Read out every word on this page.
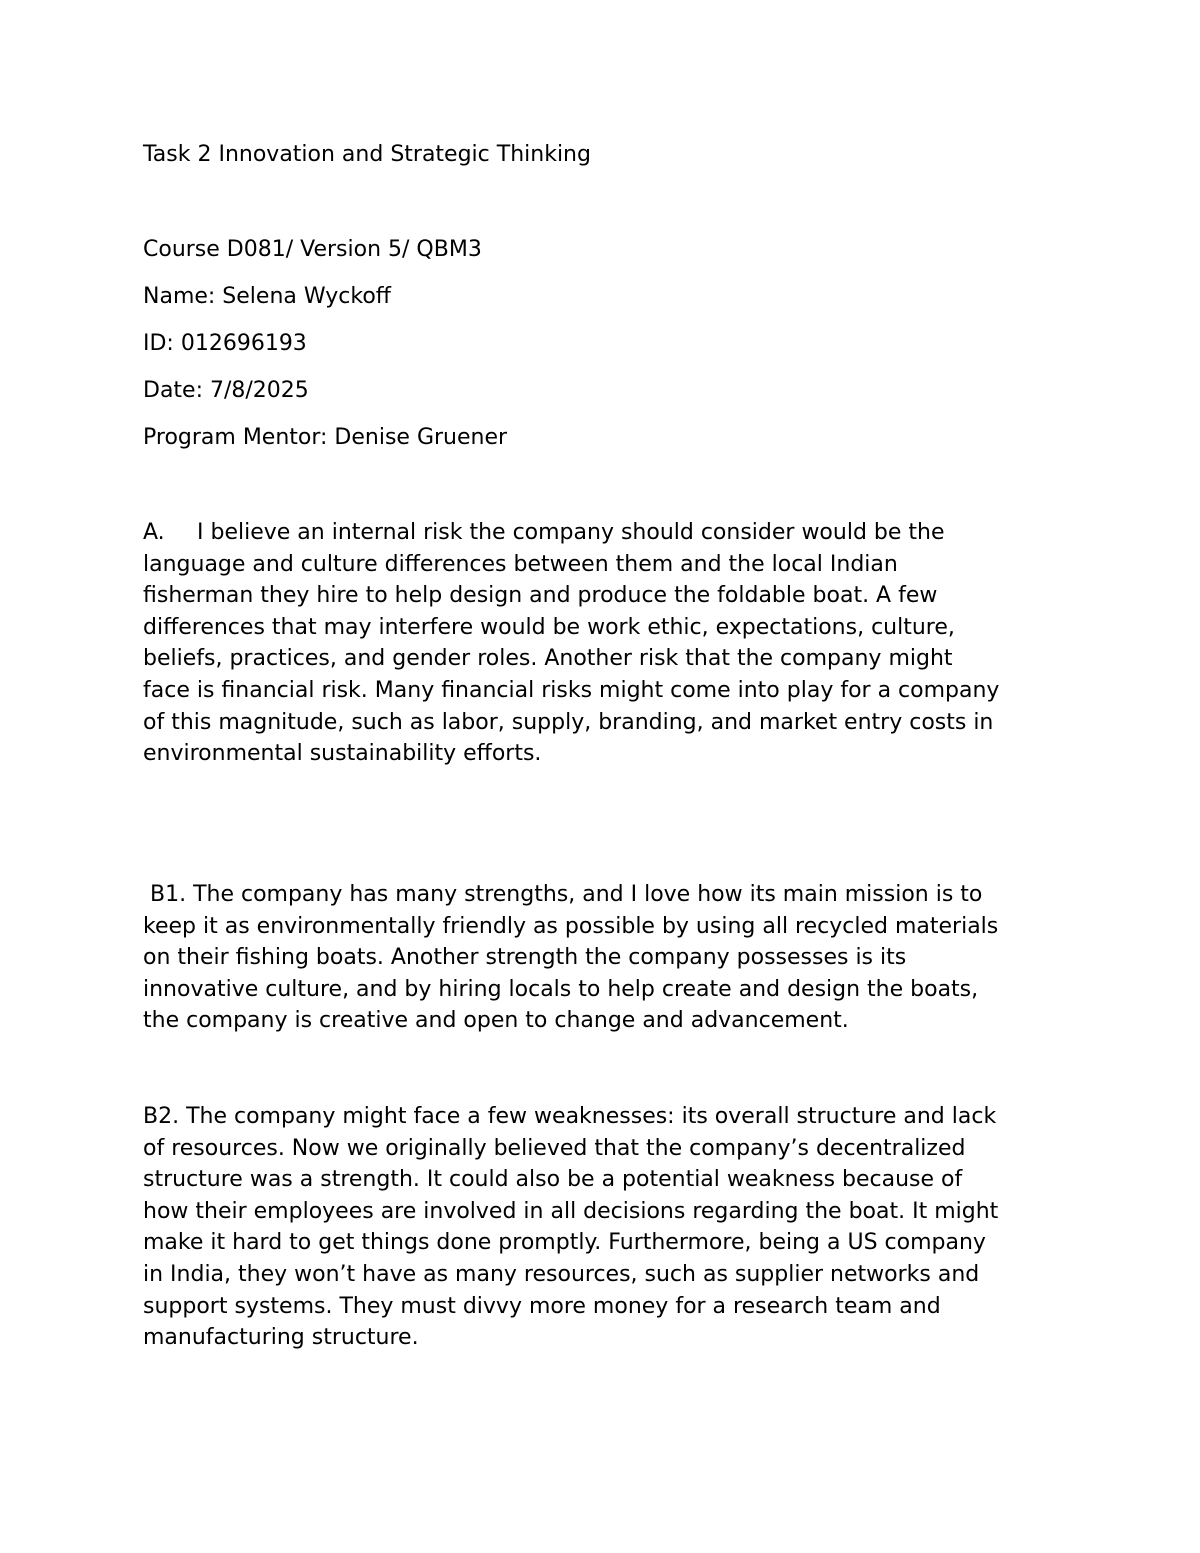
Task 2 Innovation and Strategic Thinking
Course D081/ Version 5/ QBM3
Name: Selena Wyckoff
ID: 012696193
Date: 7/8/2025
Program Mentor: Denise Gruener
A. I believe an internal risk the company should consider would be the
language and culture differences between them and the local Indian
fisherman they hire to help design and produce the foldable boat. A few
differences that may interfere would be work ethic, expectations, culture,
beliefs, practices, and gender roles. Another risk that the company might
face is financial risk. Many financial risks might come into play for a company
of this magnitude, such as labor, supply, branding, and market entry costs in
environmental sustainability efforts.
B1. The company has many strengths, and I love how its main mission is to
keep it as environmentally friendly as possible by using all recycled materials
on their fishing boats. Another strength the company possesses is its
innovative culture, and by hiring locals to help create and design the boats,
the company is creative and open to change and advancement.
B2. The company might face a few weaknesses: its overall structure and lack
of resources. Now we originally believed that the company’s decentralized
structure was a strength. It could also be a potential weakness because of
how their employees are involved in all decisions regarding the boat. It might
make it hard to get things done promptly. Furthermore, being a US company
in India, they won’t have as many resources, such as supplier networks and
support systems. They must divvy more money for a research team and
manufacturing structure.
